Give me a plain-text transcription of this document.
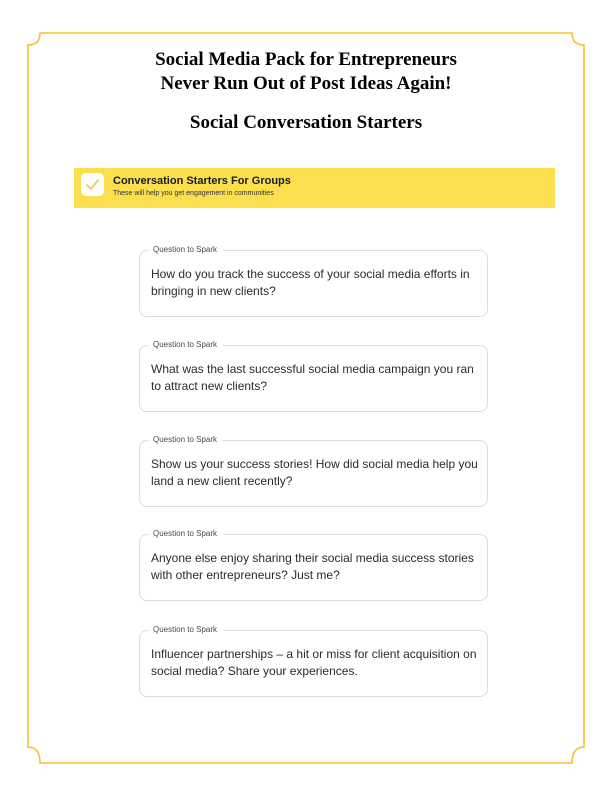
Social Media Pack for Entrepreneurs
Never Run Out of Post Ideas Again!
Social Conversation Starters
Conversation Starters For Groups
These will help you get engagement in communities
Question to Spark
How do you track the success of your social media efforts in bringing in new clients?
Question to Spark
What was the last successful social media campaign you ran to attract new clients?
Question to Spark
Show us your success stories! How did social media help you land a new client recently?
Question to Spark
Anyone else enjoy sharing their social media success stories with other entrepreneurs? Just me?
Question to Spark
Influencer partnerships – a hit or miss for client acquisition on social media? Share your experiences.
